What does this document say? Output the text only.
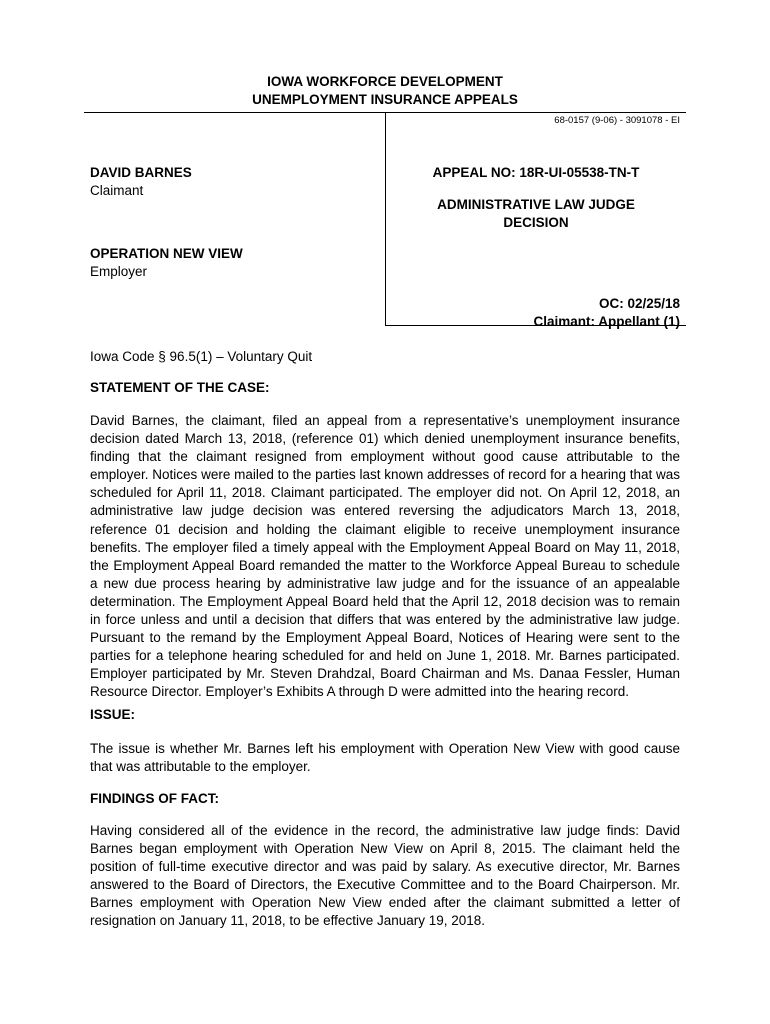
IOWA WORKFORCE DEVELOPMENT
UNEMPLOYMENT INSURANCE APPEALS
68-0157 (9-06) - 3091078 - EI
DAVID BARNES
Claimant
OPERATION NEW VIEW
Employer
APPEAL NO: 18R-UI-05538-TN-T
ADMINISTRATIVE LAW JUDGE
DECISION
OC: 02/25/18
Claimant: Appellant (1)
Iowa Code § 96.5(1) – Voluntary Quit
STATEMENT OF THE CASE:
David Barnes, the claimant, filed an appeal from a representative’s unemployment insurance decision dated March 13, 2018, (reference 01) which denied unemployment insurance benefits, finding that the claimant resigned from employment without good cause attributable to the employer. Notices were mailed to the parties last known addresses of record for a hearing that was scheduled for April 11, 2018. Claimant participated. The employer did not. On April 12, 2018, an administrative law judge decision was entered reversing the adjudicators March 13, 2018, reference 01 decision and holding the claimant eligible to receive unemployment insurance benefits. The employer filed a timely appeal with the Employment Appeal Board on May 11, 2018, the Employment Appeal Board remanded the matter to the Workforce Appeal Bureau to schedule a new due process hearing by administrative law judge and for the issuance of an appealable determination. The Employment Appeal Board held that the April 12, 2018 decision was to remain in force unless and until a decision that differs that was entered by the administrative law judge. Pursuant to the remand by the Employment Appeal Board, Notices of Hearing were sent to the parties for a telephone hearing scheduled for and held on June 1, 2018. Mr. Barnes participated. Employer participated by Mr. Steven Drahdzal, Board Chairman and Ms. Danaa Fessler, Human Resource Director. Employer’s Exhibits A through D were admitted into the hearing record.
ISSUE:
The issue is whether Mr. Barnes left his employment with Operation New View with good cause that was attributable to the employer.
FINDINGS OF FACT:
Having considered all of the evidence in the record, the administrative law judge finds: David Barnes began employment with Operation New View on April 8, 2015. The claimant held the position of full-time executive director and was paid by salary. As executive director, Mr. Barnes answered to the Board of Directors, the Executive Committee and to the Board Chairperson. Mr. Barnes employment with Operation New View ended after the claimant submitted a letter of resignation on January 11, 2018, to be effective January 19, 2018.
